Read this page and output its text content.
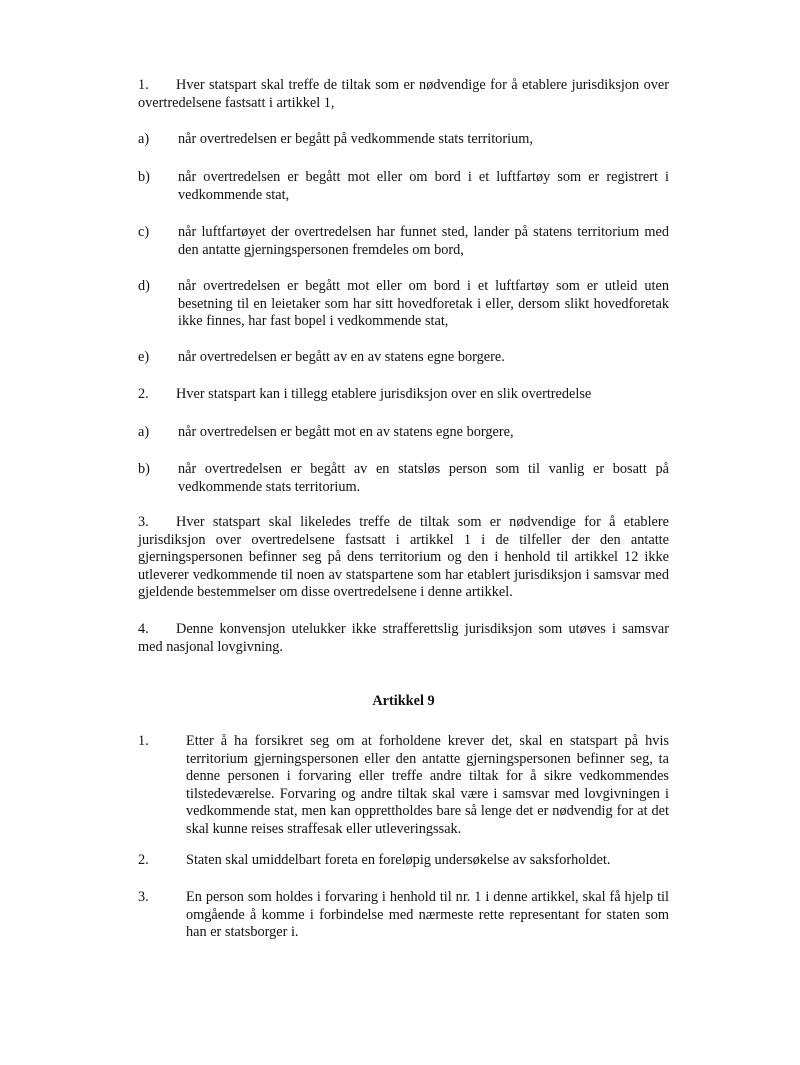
1. Hver statspart skal treffe de tiltak som er nødvendige for å etablere jurisdiksjon over overtredelsene fastsatt i artikkel 1,

a) når overtredelsen er begått på vedkommende stats territorium,
b) når overtredelsen er begått mot eller om bord i et luftfartøy som er registrert i vedkommende stat,
c) når luftfartøyet der overtredelsen har funnet sted, lander på statens territorium med den antatte gjerningspersonen fremdeles om bord,
d) når overtredelsen er begått mot eller om bord i et luftfartøy som er utleid uten besetning til en leietaker som har sitt hovedforetak i eller, dersom slikt hovedforetak ikke finnes, har fast bopel i vedkommende stat,
e) når overtredelsen er begått av en av statens egne borgere.

2. Hver statspart kan i tillegg etablere jurisdiksjon over en slik overtredelse

a) når overtredelsen er begått mot en av statens egne borgere,
b) når overtredelsen er begått av en statsløs person som til vanlig er bosatt på vedkommende stats territorium.

3. Hver statspart skal likeledes treffe de tiltak som er nødvendige for å etablere jurisdiksjon over overtredelsene fastsatt i artikkel 1 i de tilfeller der den antatte gjerningspersonen befinner seg på dens territorium og den i henhold til artikkel 12 ikke utleverer vedkommende til noen av statspartene som har etablert jurisdiksjon i samsvar med gjeldende bestemmelser om disse overtredelsene i denne artikkel.

4. Denne konvensjon utelukker ikke strafferettslig jurisdiksjon som utøves i samsvar med nasjonal lovgivning.

Artikkel 9
1.	Etter å ha forsikret seg om at forholdene krever det, skal en statspart på hvis territorium gjerningspersonen eller den antatte gjerningspersonen befinner seg, ta denne personen i forvaring eller treffe andre tiltak for å sikre vedkommendes tilstedeværelse. Forvaring og andre tiltak skal være i samsvar med lovgivningen i vedkommende stat, men kan opprettholdes bare så lenge det er nødvendig for at det skal kunne reises straffesak eller utleveringssak.
2.	Staten skal umiddelbart foreta en foreløpig undersøkelse av saksforholdet.
3.	En person som holdes i forvaring i henhold til nr. 1 i denne artikkel, skal få hjelp til omgående å komme i forbindelse med nærmeste rette representant for staten som han er statsborger i.
